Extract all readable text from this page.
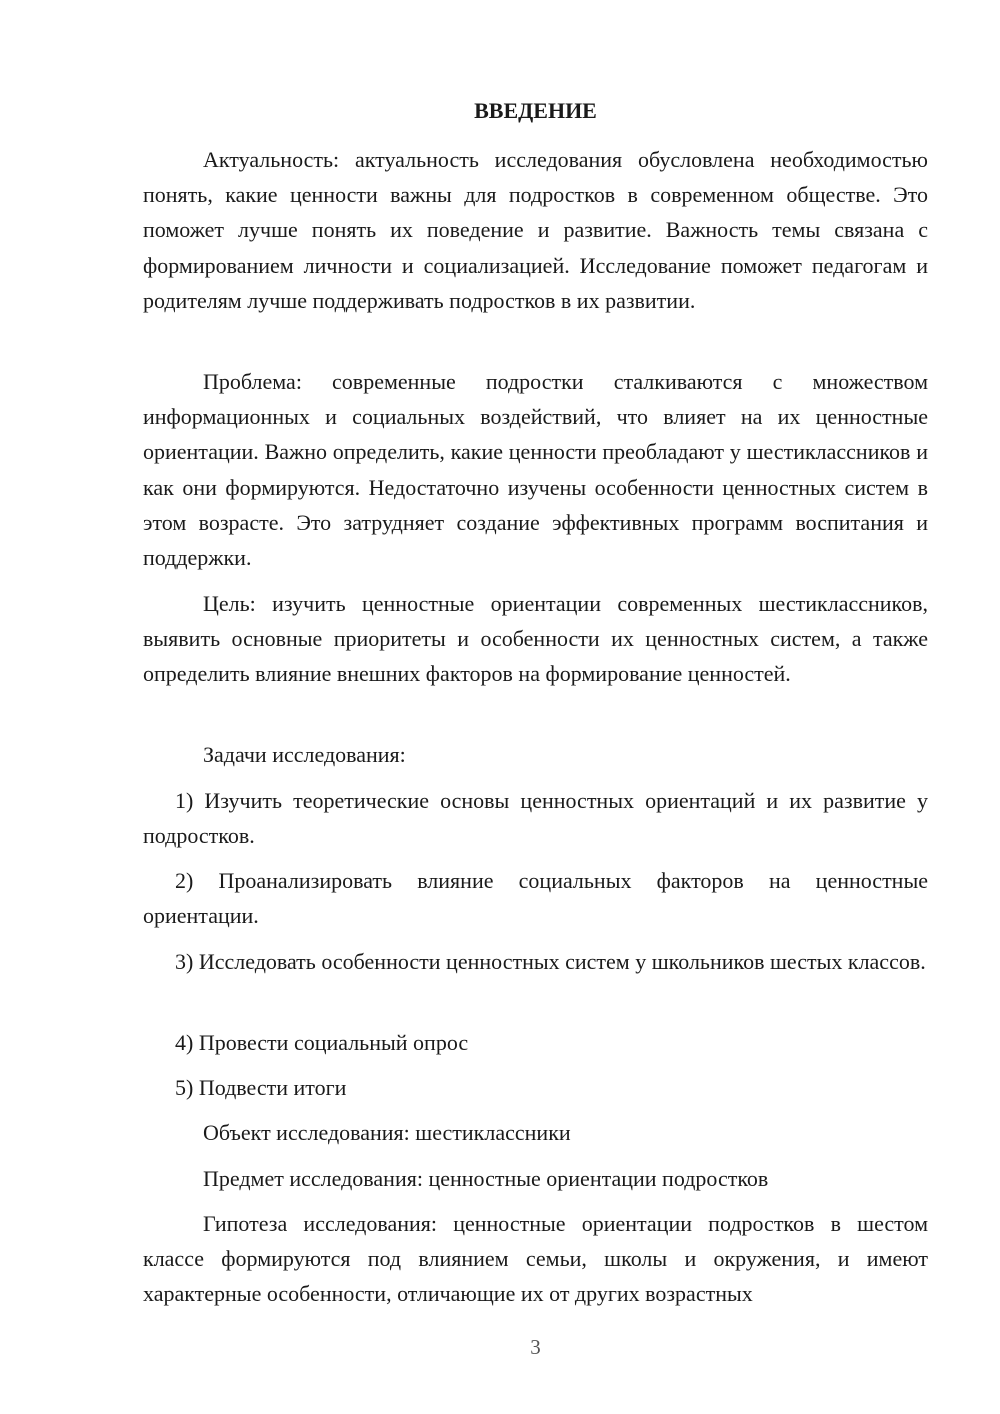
ВВЕДЕНИЕ

Актуальность: актуальность исследования обусловлена необходимостью понять, какие ценности важны для подростков в современном обществе. Это поможет лучше понять их поведение и развитие. Важность темы связана с формированием личности и социализацией. Исследование поможет педагогам и родителям лучше поддерживать подростков в их развитии.

Проблема: современные подростки сталкиваются с множеством информационных и социальных воздействий, что влияет на их ценностные ориентации. Важно определить, какие ценности преобладают у шестиклассников и как они формируются. Недостаточно изучены особенности ценностных систем в этом возрасте. Это затрудняет создание эффективных программ воспитания и поддержки.

Цель: изучить ценностные ориентации современных шестиклассников, выявить основные приоритеты и особенности их ценностных систем, а также определить влияние внешних факторов на формирование ценностей.

Задачи исследования:

1) Изучить теоретические основы ценностных ориентаций и их развитие у подростков.

2) Проанализировать влияние социальных факторов на ценностные ориентации.

3) Исследовать особенности ценностных систем у школьников шестых классов.

4) Провести социальный опрос

5) Подвести итоги

Объект исследования: шестиклассники

Предмет исследования: ценностные ориентации подростков

Гипотеза исследования: ценностные ориентации подростков в шестом классе формируются под влиянием семьи, школы и окружения, и имеют характерные особенности, отличающие их от других возрастных

3
